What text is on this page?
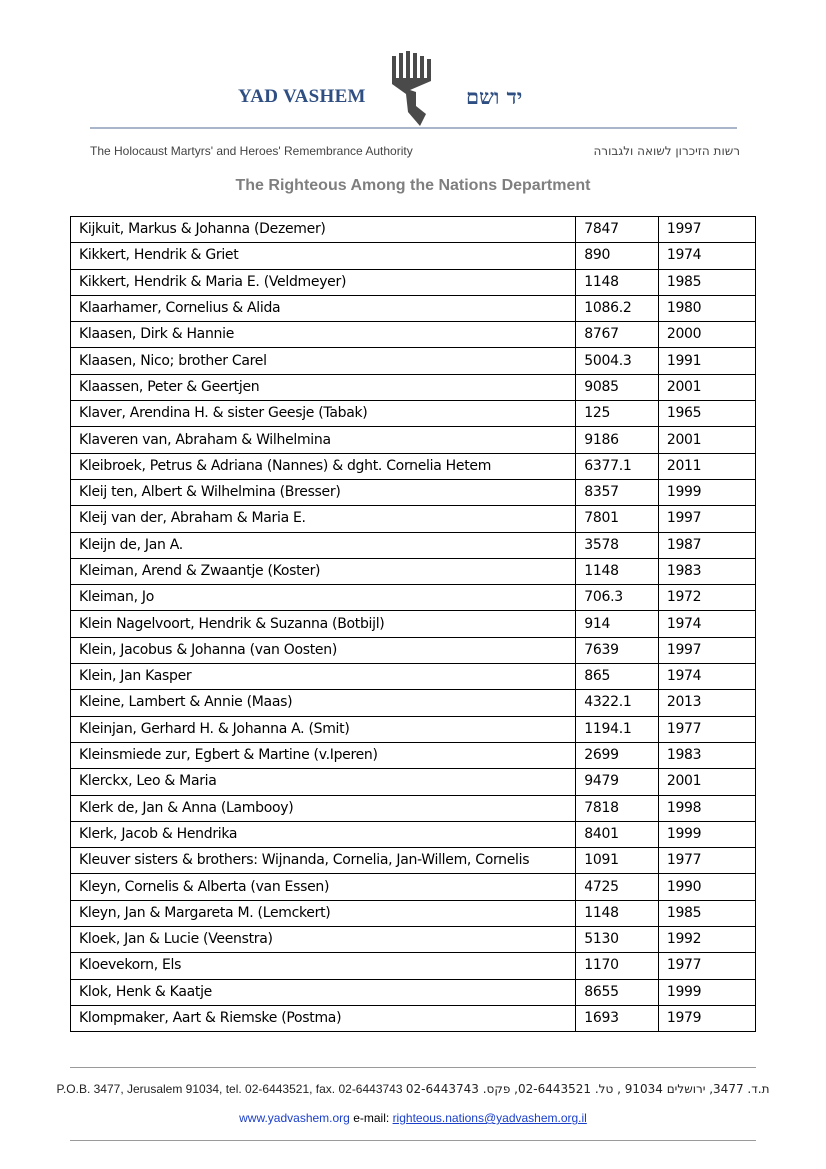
YAD VASHEM	יד ושם
The Holocaust Martyrs' and Heroes' Remembrance Authority	רשות הזיכרון לשואה ולגבורה
The Righteous Among the Nations Department
Kijkuit, Markus & Johanna (Dezemer)	7847	1997
Kikkert, Hendrik & Griet	890	1974
Kikkert, Hendrik & Maria E. (Veldmeyer)	1148	1985
Klaarhamer, Cornelius & Alida	1086.2	1980
Klaasen, Dirk & Hannie	8767	2000
Klaasen, Nico; brother Carel	5004.3	1991
Klaassen, Peter & Geertjen	9085	2001
Klaver, Arendina H. & sister Geesje (Tabak)	125	1965
Klaveren van, Abraham & Wilhelmina	9186	2001
Kleibroek, Petrus & Adriana (Nannes) & dght. Cornelia Hetem	6377.1	2011
Kleij ten, Albert & Wilhelmina (Bresser)	8357	1999
Kleij van der, Abraham & Maria E.	7801	1997
Kleijn de, Jan A.	3578	1987
Kleiman, Arend & Zwaantje (Koster)	1148	1983
Kleiman, Jo	706.3	1972
Klein Nagelvoort, Hendrik & Suzanna (Botbijl)	914	1974
Klein, Jacobus & Johanna (van Oosten)	7639	1997
Klein, Jan Kasper	865	1974
Kleine, Lambert & Annie (Maas)	4322.1	2013
Kleinjan, Gerhard H. & Johanna A. (Smit)	1194.1	1977
Kleinsmiede zur, Egbert & Martine (v.Iperen)	2699	1983
Klerckx, Leo & Maria	9479	2001
Klerk de, Jan & Anna (Lambooy)	7818	1998
Klerk, Jacob & Hendrika	8401	1999
Kleuver sisters & brothers: Wijnanda, Cornelia, Jan-Willem, Cornelis	1091	1977
Kleyn, Cornelis & Alberta (van Essen)	4725	1990
Kleyn, Jan & Margareta M. (Lemckert)	1148	1985
Kloek, Jan & Lucie (Veenstra)	5130	1992
Kloevekorn, Els	1170	1977
Klok, Henk & Kaatje	8655	1999
Klompmaker, Aart & Riemske (Postma)	1693	1979
P.O.B. 3477, Jerusalem 91034, tel. 02-6443521, fax. 02-6443743 ת.ד. 3477, ירושלים 91034 , טל. 02-6443521, פקס. 02-6443743
www.yadvashem.org e-mail: righteous.nations@yadvashem.org.il
